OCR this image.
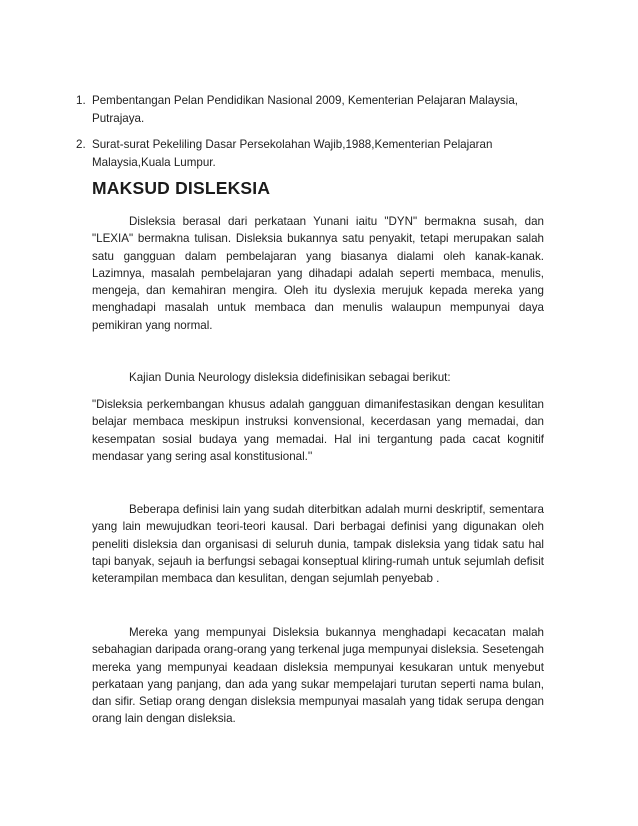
1. Pembentangan Pelan Pendidikan Nasional 2009, Kementerian Pelajaran Malaysia, Putrajaya.
2. Surat-surat Pekeliling Dasar Persekolahan Wajib,1988,Kementerian Pelajaran Malaysia,Kuala Lumpur.
MAKSUD DISLEKSIA

Disleksia berasal dari perkataan Yunani iaitu "DYN" bermakna susah, dan "LEXIA" bermakna tulisan. Disleksia bukannya satu penyakit, tetapi merupakan salah satu gangguan dalam pembelajaran yang biasanya dialami oleh kanak-kanak. Lazimnya, masalah pembelajaran yang dihadapi adalah seperti membaca, menulis, mengeja, dan kemahiran mengira. Oleh itu dyslexia merujuk kepada mereka yang menghadapi masalah untuk membaca dan menulis walaupun mempunyai daya pemikiran yang normal.

Kajian Dunia Neurology disleksia didefinisikan sebagai berikut:

"Disleksia perkembangan khusus adalah gangguan dimanifestasikan dengan kesulitan belajar membaca meskipun instruksi konvensional, kecerdasan yang memadai, dan kesempatan sosial budaya yang memadai. Hal ini tergantung pada cacat kognitif mendasar yang sering asal konstitusional.''

Beberapa definisi lain yang sudah diterbitkan adalah murni deskriptif, sementara yang lain mewujudkan teori-teori kausal. Dari berbagai definisi yang digunakan oleh peneliti disleksia dan organisasi di seluruh dunia, tampak disleksia yang tidak satu hal tapi banyak, sejauh ia berfungsi sebagai konseptual kliring-rumah untuk sejumlah defisit keterampilan membaca dan kesulitan, dengan sejumlah penyebab .

Mereka yang mempunyai Disleksia bukannya menghadapi kecacatan malah sebahagian daripada orang-orang yang terkenal juga mempunyai disleksia. Sesetengah mereka yang mempunyai keadaan disleksia mempunyai kesukaran untuk menyebut perkataan yang panjang, dan ada yang sukar mempelajari turutan seperti nama bulan, dan sifir. Setiap orang dengan disleksia mempunyai masalah yang tidak serupa dengan orang lain dengan disleksia.
